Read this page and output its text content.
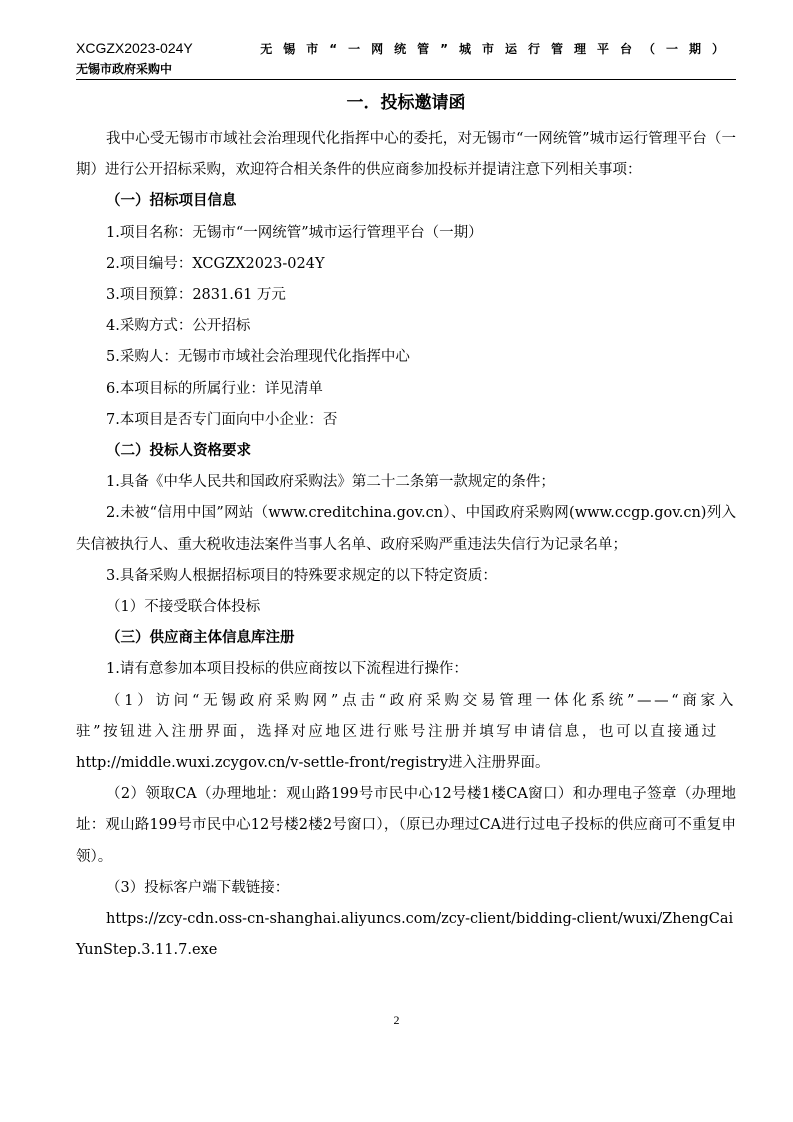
XCGZX2023-024Y
无锡市政府采购中
无锡市“一网统管”城市运行管理平台（一期）
一．投标邀请函

我中心受无锡市市域社会治理现代化指挥中心的委托，对无锡市“一网统管”城市运行管理平台（一期）进行公开招标采购，欢迎符合相关条件的供应商参加投标并提请注意下列相关事项：

（一）招标项目信息
1.项目名称：无锡市“一网统管”城市运行管理平台（一期）
2.项目编号：XCGZX2023-024Y
3.项目预算：2831.61 万元
4.采购方式：公开招标
5.采购人：无锡市市域社会治理现代化指挥中心
6.本项目标的所属行业：详见清单
7.本项目是否专门面向中小企业：否
（二）投标人资格要求
1.具备《中华人民共和国政府采购法》第二十二条第一款规定的条件；

2.未被“信用中国”网站（www.creditchina.gov.cn）、中国政府采购网(www.ccgp.gov.cn)列入失信被执行人、重大税收违法案件当事人名单、政府采购严重违法失信行为记录名单；

3.具备采购人根据招标项目的特殊要求规定的以下特定资质：
（1）不接受联合体投标
（三）供应商主体信息库注册
1.请有意参加本项目投标的供应商按以下流程进行操作：

（1）访问“无锡政府采购网”点击“政府采购交易管理一体化系统”——“商家入驻”按钮进入注册界面，选择对应地区进行账号注册并填写申请信息，也可以直接通过

http://middle.wuxi.zcygov.cn/v-settle-front/registry进入注册界面。

（2）领取CA（办理地址：观山路199号市民中心12号楼1楼CA窗口）和办理电子签章（办理地址：观山路199号市民中心12号楼2楼2号窗口），（原已办理过CA进行过电子投标的供应商可不重复申领）。

（3）投标客户端下载链接：
https://zcy-cdn.oss-cn-shanghai.aliyuncs.com/zcy-client/bidding-client/wuxi/ZhengCaiYunStep.3.11.7.exe
2
